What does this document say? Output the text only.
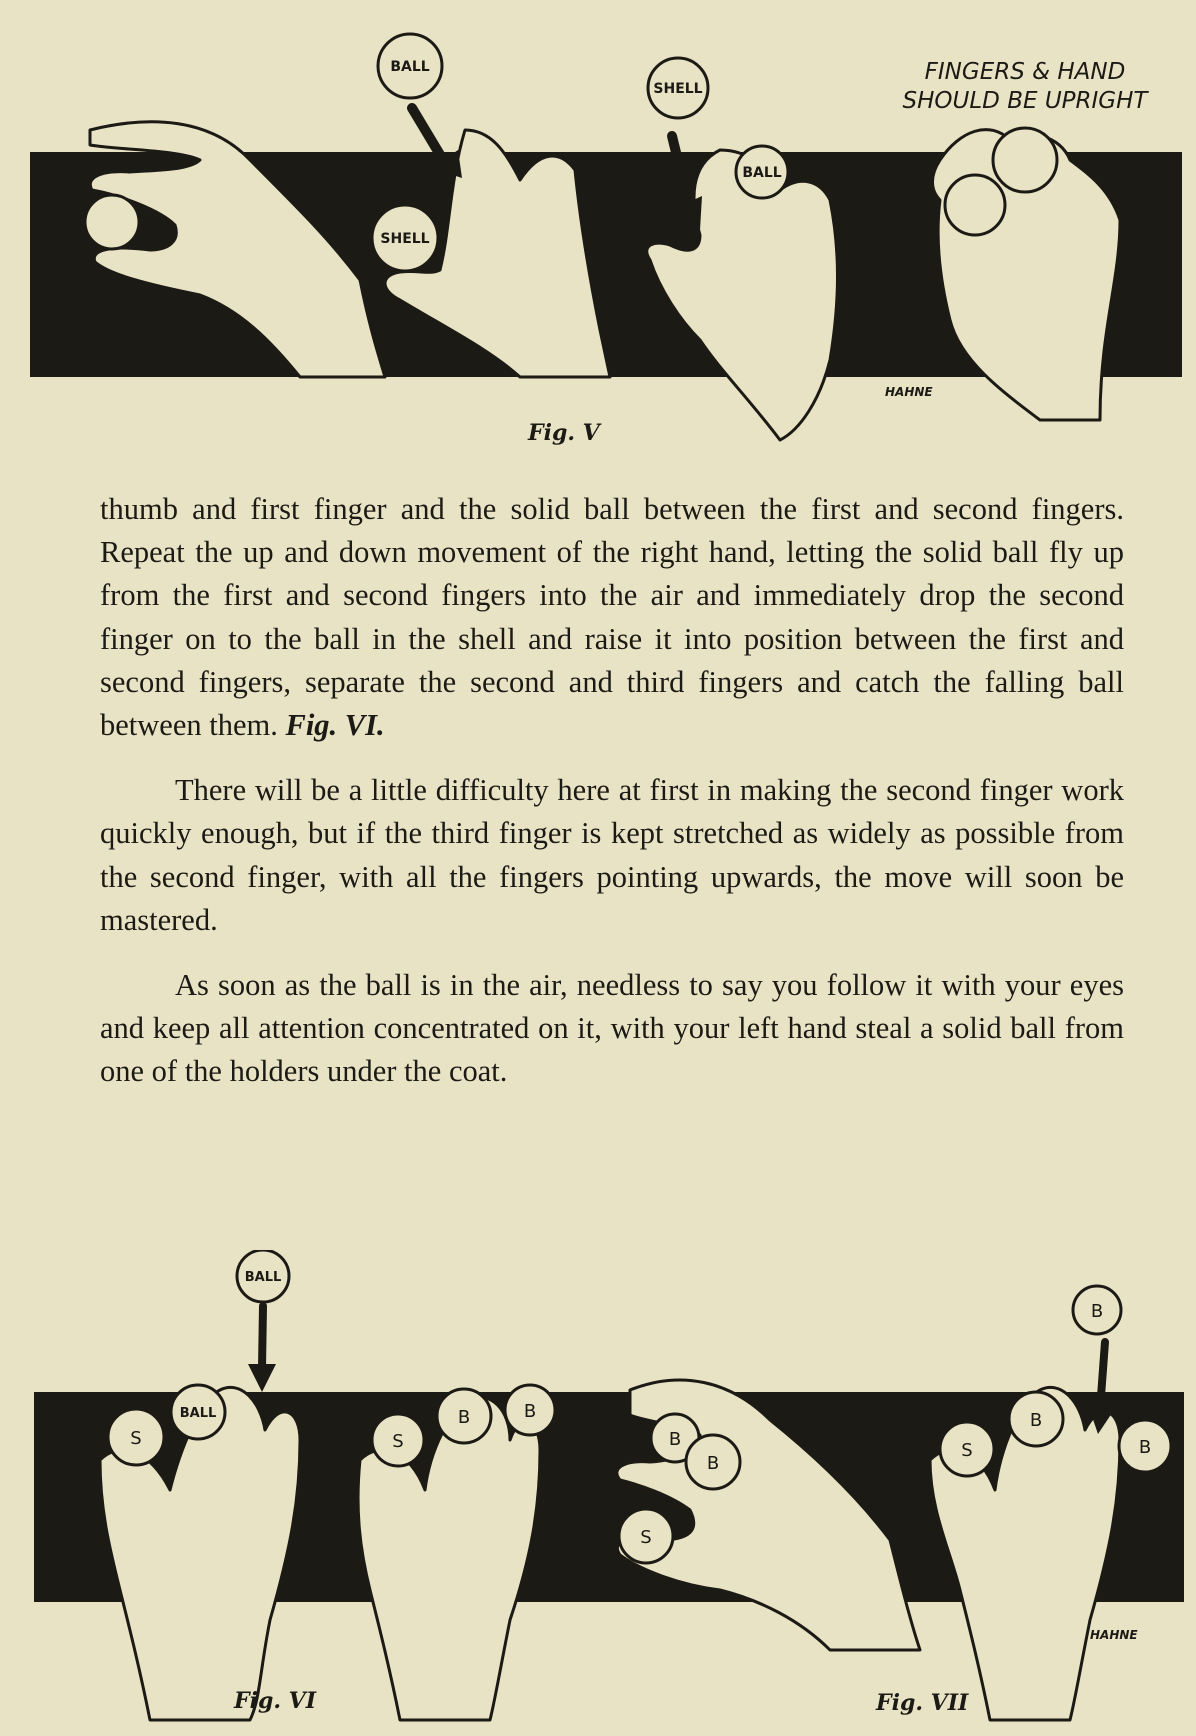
BALL
SHELL
SHELL
BALL
FINGERS & HAND
SHOULD BE UPRIGHT
HAHNE
Fig. V

thumb and first finger and the solid ball between the first and second fingers. Repeat the up and down movement of the right hand, letting the solid ball fly up from the first and second fingers into the air and immediately drop the second finger on to the ball in the shell and raise it into position between the first and second fingers, separate the second and third fingers and catch the falling ball between them. Fig. VI.

There will be a little difficulty here at first in making the second finger work quickly enough, but if the third finger is kept stretched as widely as possible from the second finger, with all the fingers pointing upwards, the move will soon be mastered.

As soon as the ball is in the air, needless to say you follow it with your eyes and keep all attention concentrated on it, with your left hand steal a solid ball from one of the holders under the coat.

S	S
S
S
B	B
B
B
B
B
B
BALL
BALL
HAHNE
Fig. VI	Fig. VII
